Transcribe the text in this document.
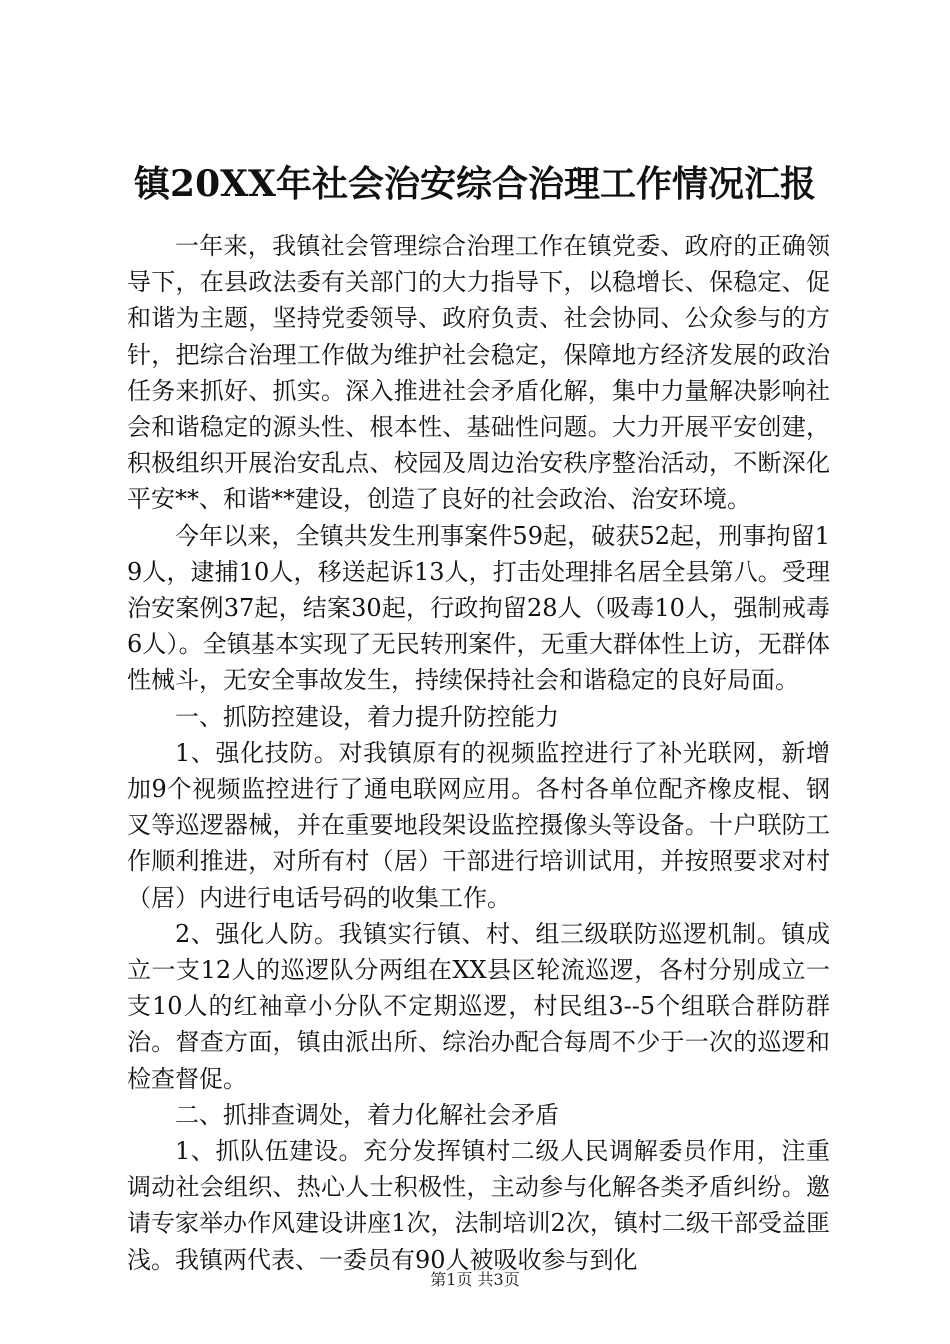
镇20XX年社会治安综合治理工作情况汇报

一年来，我镇社会管理综合治理工作在镇党委、政府的正确领导下，在县政法委有关部门的大力指导下，以稳增长、保稳定、促和谐为主题，坚持党委领导、政府负责、社会协同、公众参与的方针，把综合治理工作做为维护社会稳定，保障地方经济发展的政治任务来抓好、抓实。深入推进社会矛盾化解，集中力量解决影响社会和谐稳定的源头性、根本性、基础性问题。大力开展平安创建，积极组织开展治安乱点、校园及周边治安秩序整治活动，不断深化平安**、和谐**建设，创造了良好的社会政治、治安环境。

今年以来，全镇共发生刑事案件59起，破获52起，刑事拘留19人，逮捕10人，移送起诉13人，打击处理排名居全县第八。受理治安案例37起，结案30起，行政拘留28人（吸毒10人，强制戒毒6人）。全镇基本实现了无民转刑案件，无重大群体性上访，无群体性械斗，无安全事故发生，持续保持社会和谐稳定的良好局面。

一、抓防控建设，着力提升防控能力

1、强化技防。对我镇原有的视频监控进行了补光联网，新增加9个视频监控进行了通电联网应用。各村各单位配齐橡皮棍、钢叉等巡逻器械，并在重要地段架设监控摄像头等设备。十户联防工作顺利推进，对所有村（居）干部进行培训试用，并按照要求对村（居）内进行电话号码的收集工作。

2、强化人防。我镇实行镇、村、组三级联防巡逻机制。镇成立一支12人的巡逻队分两组在XX县区轮流巡逻，各村分别成立一支10人的红袖章小分队不定期巡逻，村民组3--5个组联合群防群治。督查方面，镇由派出所、综治办配合每周不少于一次的巡逻和检查督促。

二、抓排查调处，着力化解社会矛盾

1、抓队伍建设。充分发挥镇村二级人民调解委员作用，注重调动社会组织、热心人士积极性，主动参与化解各类矛盾纠纷。邀请专家举办作风建设讲座1次，法制培训2次，镇村二级干部受益匪浅。我镇两代表、一委员有90人被吸收参与到化

第1页 共3页
